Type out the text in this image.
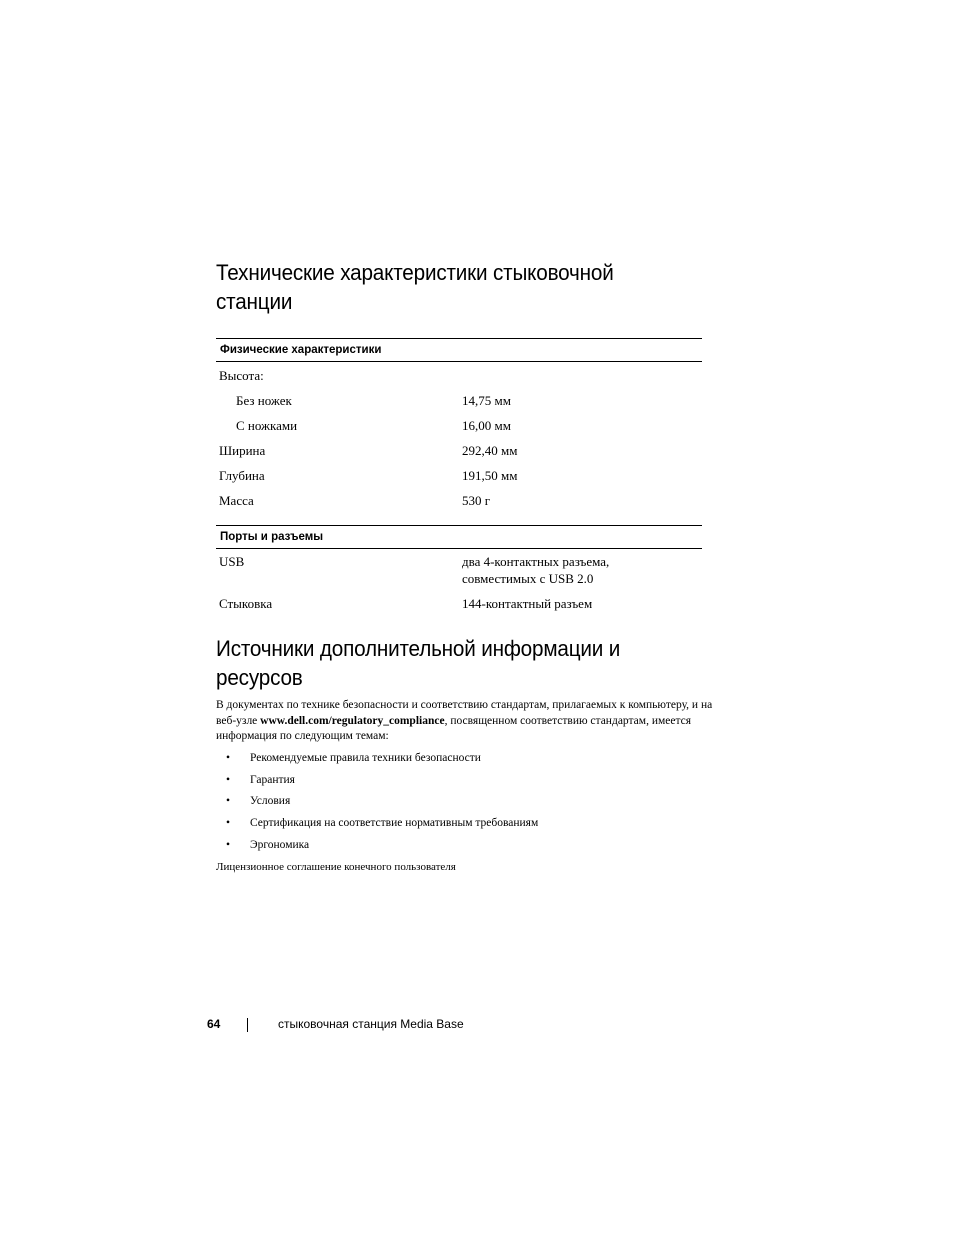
Технические характеристики стыковочной
станции
Физические характеристики
Высота:
Без ножек	14,75 мм
С ножками	16,00 мм
Ширина	292,40 мм
Глубина	191,50 мм
Масса	530 г
Порты и разъемы
USB	два 4-контактных разъема,
совместимых с USB 2.0
Стыковка	144-контактный разъем
Источники дополнительной информации и
ресурсов
В документах по технике безопасности и соответствию стандартам, прилагаемых к компьютеру, и на веб-узле www.dell.com/regulatory_compliance, посвященном соответствию стандартам, имеется информация по следующим темам:
• Рекомендуемые правила техники безопасности
• Гарантия
• Условия
• Сертификация на соответствие нормативным требованиям
• Эргономика
Лицензионное соглашение конечного пользователя
64	стыковочная станция Media Base
